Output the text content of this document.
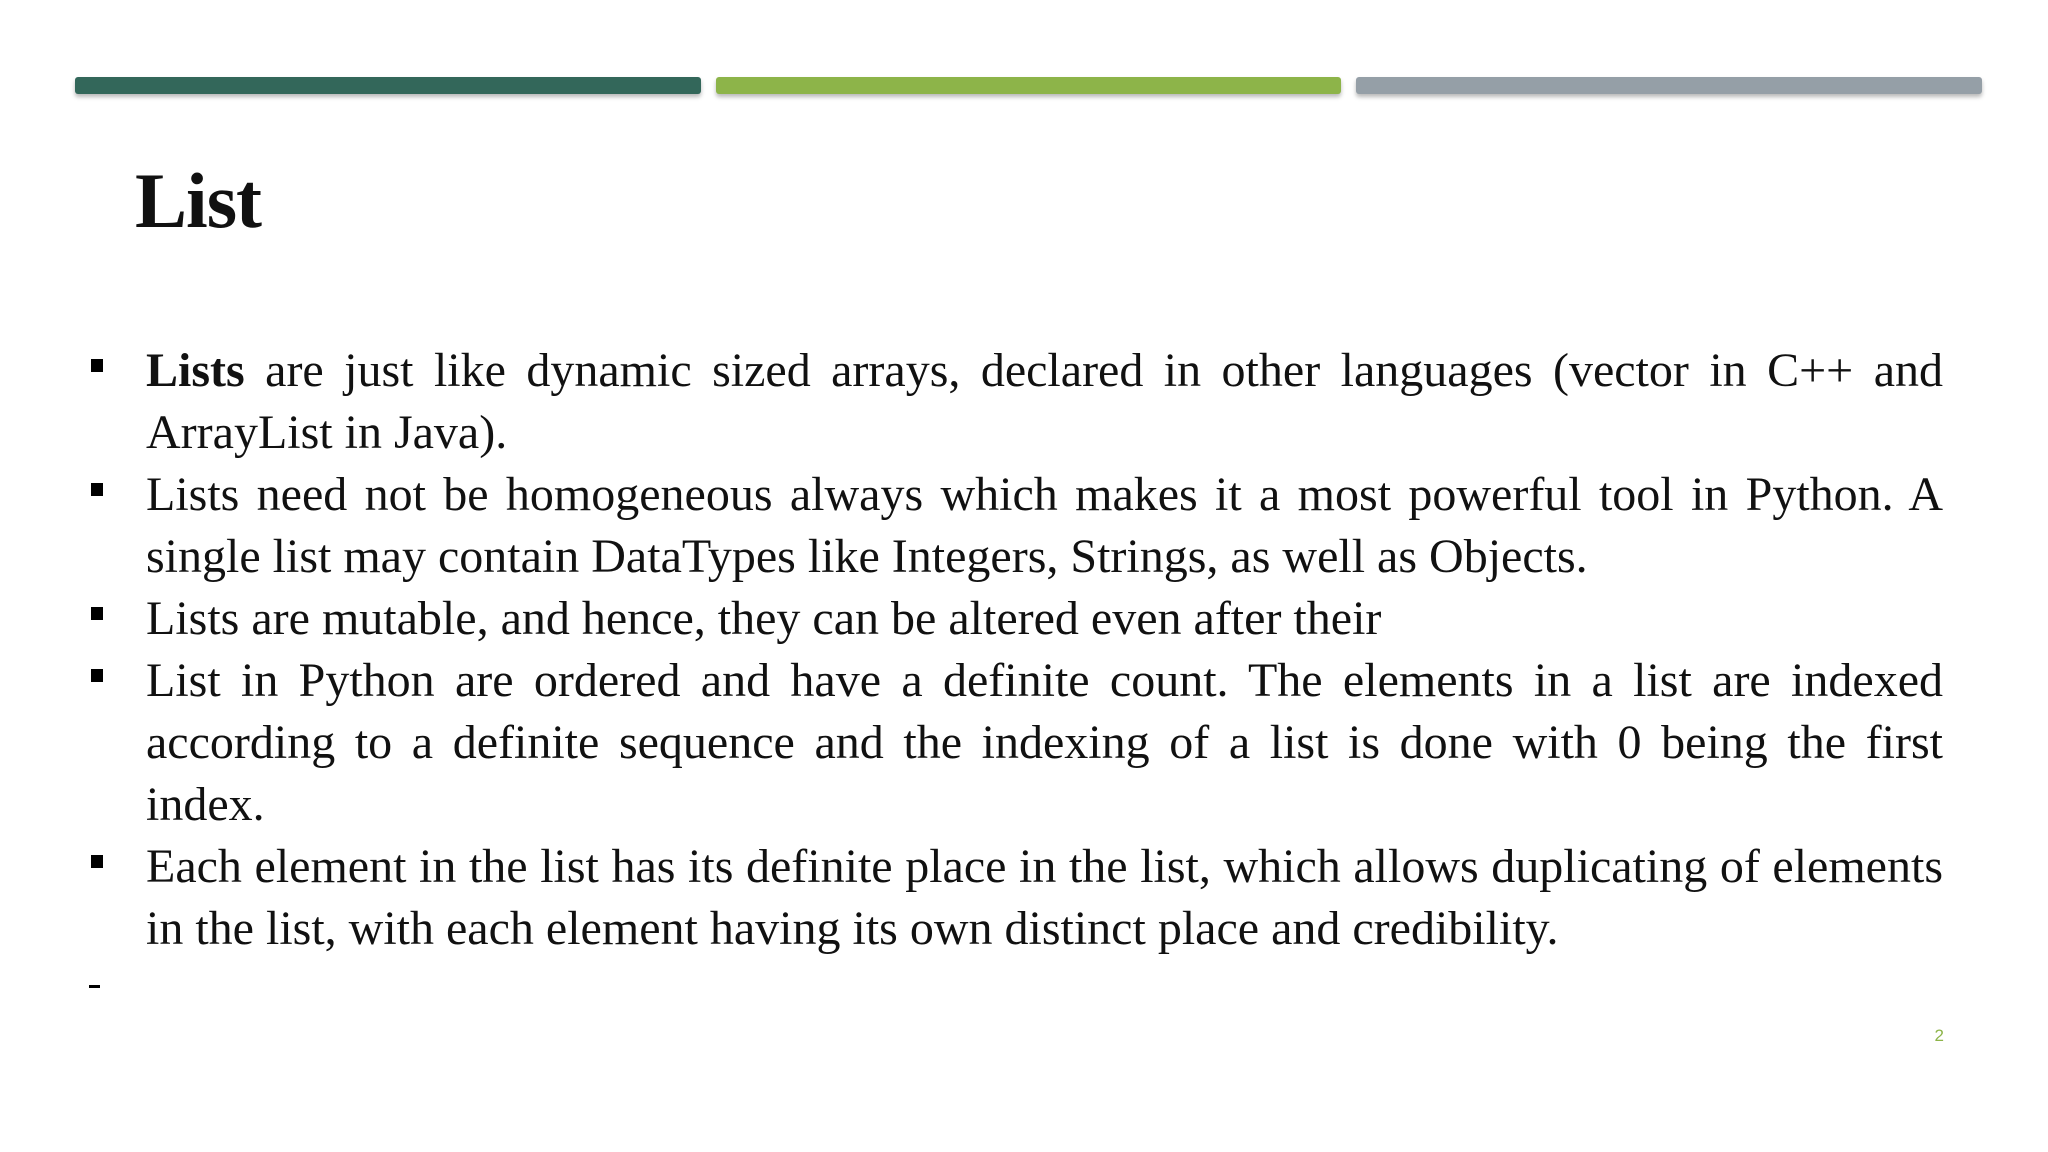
List
Lists are just like dynamic sized arrays, declared in other languages (vector in C++ and ArrayList in Java).
Lists need not be homogeneous always which makes it a most powerful tool in Python. A single list may contain DataTypes like Integers, Strings, as well as Objects.
Lists are mutable, and hence, they can be altered even after their
List in Python are ordered and have a definite count. The elements in a list are indexed according to a definite sequence and the indexing of a list is done with 0 being the first index.
Each element in the list has its definite place in the list, which allows duplicating of elements in the list, with each element having its own distinct place and credibility.
2
